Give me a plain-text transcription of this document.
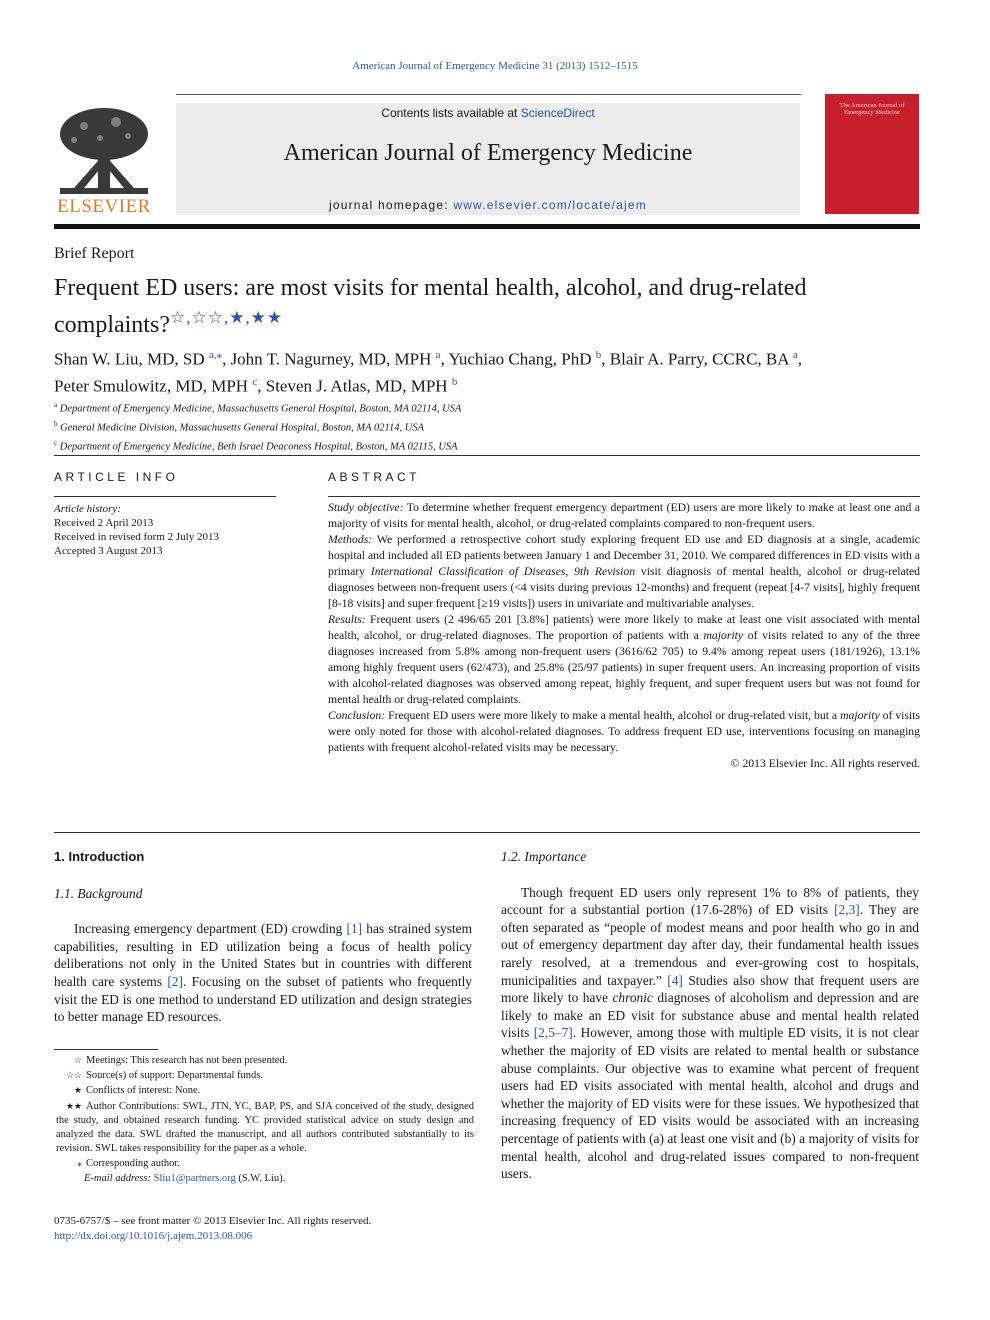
American Journal of Emergency Medicine 31 (2013) 1512–1515
ELSEVIER
Contents lists available at ScienceDirect
American Journal of Emergency Medicine
journal homepage: www.elsevier.com/locate/ajem
The American Journal of Emergency Medicine
Brief Report
Frequent ED users: are most visits for mental health, alcohol, and drug-related
complaints?☆,☆☆,★,★★
Shan W. Liu, MD, SD $^{a,⁎}$, John T. Nagurney, MD, MPH $^a$, Yuchiao Chang, PhD $^b$, Blair A. Parry, CCRC, BA $^a$,
Peter Smulowitz, MD, MPH $^c$, Steven J. Atlas, MD, MPH $^b$
$^a$ Department of Emergency Medicine, Massachusetts General Hospital, Boston, MA 02114, USA
$^b$ General Medicine Division, Massachusetts General Hospital, Boston, MA 02114, USA
$^c$ Department of Emergency Medicine, Beth Israel Deaconess Hospital, Boston, MA 02115, USA
ARTICLE INFO
Article history:
Received 2 April 2013
Received in revised form 2 July 2013
Accepted 3 August 2013
ABSTRACT

Study objective: To determine whether frequent emergency department (ED) users are more likely to make at least one and a majority of visits for mental health, alcohol, or drug-related complaints compared to non-frequent users.

Methods: We performed a retrospective cohort study exploring frequent ED use and ED diagnosis at a single, academic hospital and included all ED patients between January 1 and December 31, 2010. We compared differences in ED visits with a primary International Classification of Diseases, 9th Revision visit diagnosis of mental health, alcohol or drug-related diagnoses between non-frequent users (<4 visits during previous 12-months) and frequent (repeat [4-7 visits], highly frequent [8-18 visits] and super frequent [≥19 visits]) users in univariate and multivariable analyses.

Results: Frequent users (2 496/65 201 [3.8%] patients) were more likely to make at least one visit associated with mental health, alcohol, or drug-related diagnoses. The proportion of patients with a majority of visits related to any of the three diagnoses increased from 5.8% among non-frequent users (3616/62 705) to 9.4% among repeat users (181/1926), 13.1% among highly frequent users (62/473), and 25.8% (25/97 patients) in super frequent users. An increasing proportion of visits with alcohol-related diagnoses was observed among repeat, highly frequent, and super frequent users but was not found for mental health or drug-related complaints.

Conclusion: Frequent ED users were more likely to make a mental health, alcohol or drug-related visit, but a majority of visits were only noted for those with alcohol-related diagnoses. To address frequent ED use, interventions focusing on managing patients with frequent alcohol-related visits may be necessary.

© 2013 Elsevier Inc. All rights reserved.

1. Introduction
1.1. Background
Increasing emergency department (ED) crowding [1] has strained system capabilities, resulting in ED utilization being a focus of health policy deliberations not only in the United States but in countries with different health care systems [2]. Focusing on the subset of patients who frequently visit the ED is one method to understand ED utilization and design strategies to better manage ED resources.
☆ Meetings: This research has not been presented.
☆☆ Source(s) of support: Departmental funds.
★ Conflicts of interest: None.
★★ Author Contributions: SWL, JTN, YC, BAP, PS, and SJA conceived of the study, designed the study, and obtained research funding. YC provided statistical advice on study design and analyzed the data. SWL drafted the manuscript, and all authors contributed substantially to its revision. SWL takes responsibility for the paper as a whole.
⁎ Corresponding author.
E-mail address: Sliu1@partners.org (S.W. Liu).
0735-6757/$ – see front matter © 2013 Elsevier Inc. All rights reserved.
http://dx.doi.org/10.1016/j.ajem.2013.08.006
1.2. Importance
Though frequent ED users only represent 1% to 8% of patients, they account for a substantial portion (17.6-28%) of ED visits [2,3]. They are often separated as “people of modest means and poor health who go in and out of emergency department day after day, their fundamental health issues rarely resolved, at a tremendous and ever-growing cost to hospitals, municipalities and taxpayer.” [4] Studies also show that frequent users are more likely to have chronic diagnoses of alcoholism and depression and are likely to make an ED visit for substance abuse and mental health related visits [2,5–7]. However, among those with multiple ED visits, it is not clear whether the majority of ED visits are related to mental health or substance abuse complaints. Our objective was to examine what percent of frequent users had ED visits associated with mental health, alcohol and drugs and whether the majority of ED visits were for these issues. We hypothesized that increasing frequency of ED visits would be associated with an increasing percentage of patients with (a) at least one visit and (b) a majority of visits for mental health, alcohol and drug-related issues compared to non-frequent users.
